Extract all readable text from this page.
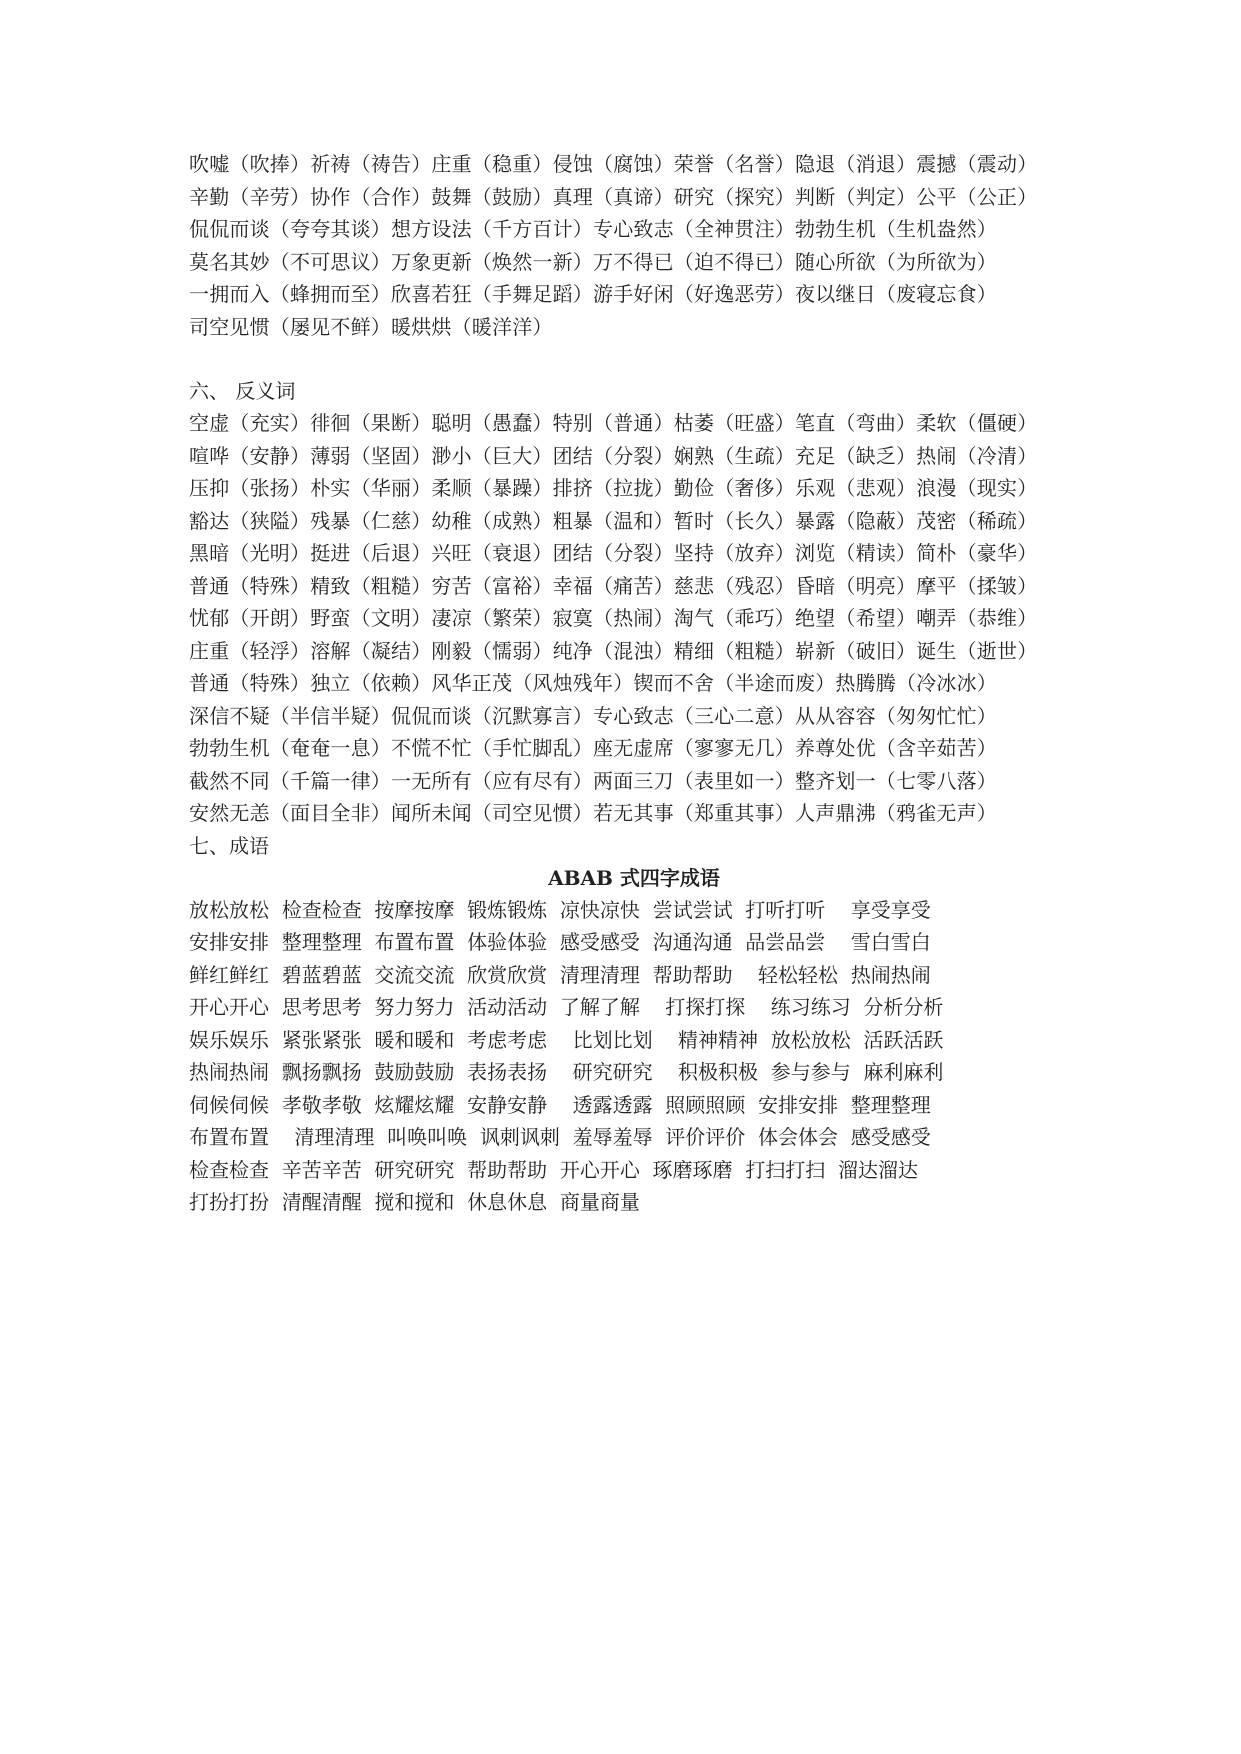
吹嘘（吹捧）祈祷（祷告）庄重（稳重）侵蚀（腐蚀）荣誉（名誉）隐退（消退）震撼（震动）

辛勤（辛劳）协作（合作）鼓舞（鼓励）真理（真谛）研究（探究）判断（判定）公平（公正）

侃侃而谈（夸夸其谈）想方设法（千方百计）专心致志（全神贯注）勃勃生机（生机盎然）

莫名其妙（不可思议）万象更新（焕然一新）万不得已（迫不得已）随心所欲（为所欲为）

一拥而入（蜂拥而至）欣喜若狂（手舞足蹈）游手好闲（好逸恶劳）夜以继日（废寝忘食）

司空见惯（屡见不鲜）暖烘烘（暖洋洋）

六、 反义词

空虚（充实）徘徊（果断）聪明（愚蠢）特别（普通）枯萎（旺盛）笔直（弯曲）柔软（僵硬）

喧哗（安静）薄弱（坚固）渺小（巨大）团结（分裂）娴熟（生疏）充足（缺乏）热闹（冷清）

压抑（张扬）朴实（华丽）柔顺（暴躁）排挤（拉拢）勤俭（奢侈）乐观（悲观）浪漫（现实）

豁达（狭隘）残暴（仁慈）幼稚（成熟）粗暴（温和）暂时（长久）暴露（隐蔽）茂密（稀疏）

黑暗（光明）挺进（后退）兴旺（衰退）团结（分裂）坚持（放弃）浏览（精读）简朴（豪华）

普通（特殊）精致（粗糙）穷苦（富裕）幸福（痛苦）慈悲（残忍）昏暗（明亮）摩平（揉皱）

忧郁（开朗）野蛮（文明）凄凉（繁荣）寂寞（热闹）淘气（乖巧）绝望（希望）嘲弄（恭维）

庄重（轻浮）溶解（凝结）刚毅（懦弱）纯净（混浊）精细（粗糙）崭新（破旧）诞生（逝世）

普通（特殊）独立（依赖）风华正茂（风烛残年）锲而不舍（半途而废）热腾腾（冷冰冰）

深信不疑（半信半疑）侃侃而谈（沉默寡言）专心致志（三心二意）从从容容（匆匆忙忙）

勃勃生机（奄奄一息）不慌不忙（手忙脚乱）座无虚席（寥寥无几）养尊处优（含辛茹苦）

截然不同（千篇一律）一无所有（应有尽有）两面三刀（表里如一）整齐划一（七零八落）

安然无恙（面目全非）闻所未闻（司空见惯）若无其事（郑重其事）人声鼎沸（鸦雀无声）

七、成语

ABAB 式四字成语

放松放松  检查检查  按摩按摩  锻炼锻炼  凉快凉快  尝试尝试  打听打听    享受享受

安排安排  整理整理  布置布置  体验体验  感受感受  沟通沟通  品尝品尝    雪白雪白

鲜红鲜红  碧蓝碧蓝  交流交流  欣赏欣赏  清理清理  帮助帮助    轻松轻松  热闹热闹

开心开心  思考思考  努力努力  活动活动  了解了解    打探打探    练习练习  分析分析

娱乐娱乐  紧张紧张  暖和暖和  考虑考虑    比划比划    精神精神  放松放松  活跃活跃

热闹热闹  飘扬飘扬  鼓励鼓励  表扬表扬    研究研究    积极积极  参与参与  麻利麻利

伺候伺候  孝敬孝敬  炫耀炫耀  安静安静    透露透露  照顾照顾  安排安排  整理整理

布置布置    清理清理  叫唤叫唤  讽刺讽刺  羞辱羞辱  评价评价  体会体会  感受感受

检查检查  辛苦辛苦  研究研究  帮助帮助  开心开心  琢磨琢磨  打扫打扫  溜达溜达

打扮打扮  清醒清醒  搅和搅和  休息休息  商量商量
